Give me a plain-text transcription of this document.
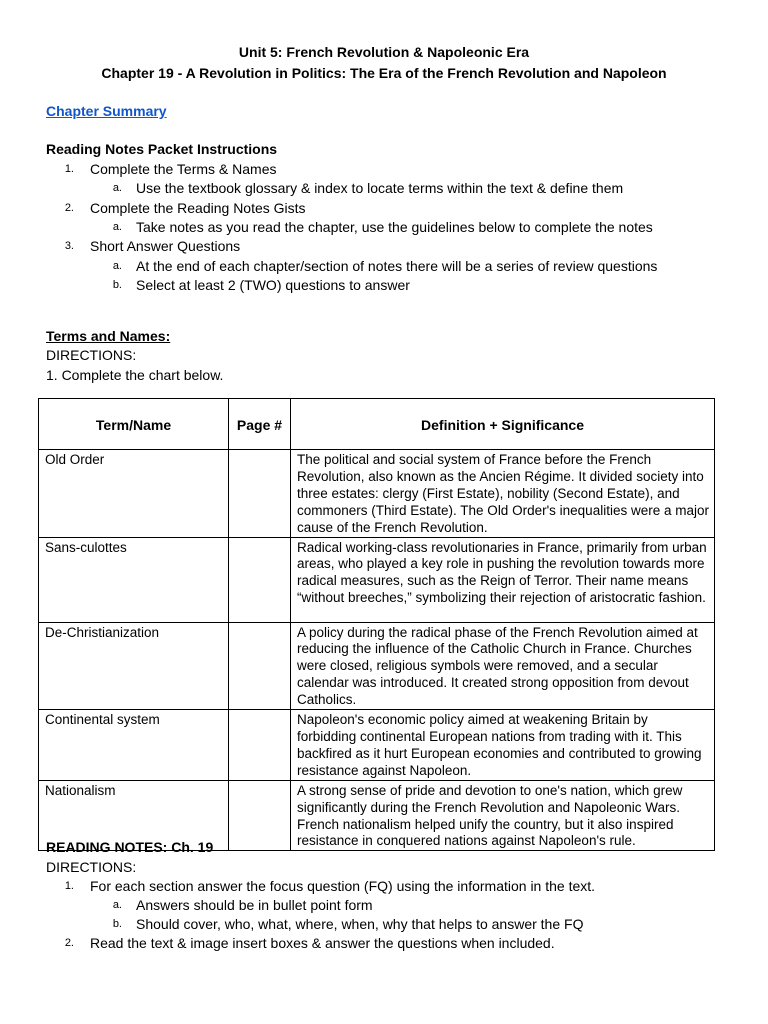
Unit 5: French Revolution & Napoleonic Era
Chapter 19 - A Revolution in Politics: The Era of the French Revolution and Napoleon
Chapter Summary
Reading Notes Packet Instructions
1. Complete the Terms & Names
a. Use the textbook glossary & index to locate terms within the text & define them
2. Complete the Reading Notes Gists
a. Take notes as you read the chapter, use the guidelines below to complete the notes
3. Short Answer Questions
a. At the end of each chapter/section of notes there will be a series of review questions
b. Select at least 2 (TWO) questions to answer
Terms and Names:
DIRECTIONS:
1. Complete the chart below.
Term/Name	Page #	Definition + Significance
Old Order		The political and social system of France before the French Revolution, also known as the Ancien Régime. It divided society into three estates: clergy (First Estate), nobility (Second Estate), and commoners (Third Estate). The Old Order's inequalities were a major cause of the French Revolution.
Sans-culottes		Radical working-class revolutionaries in France, primarily from urban areas, who played a key role in pushing the revolution towards more radical measures, such as the Reign of Terror. Their name means “without breeches,” symbolizing their rejection of aristocratic fashion.
De-Christianization		A policy during the radical phase of the French Revolution aimed at reducing the influence of the Catholic Church in France. Churches were closed, religious symbols were removed, and a secular calendar was introduced. It created strong opposition from devout Catholics.
Continental system		Napoleon's economic policy aimed at weakening Britain by forbidding continental European nations from trading with it. This backfired as it hurt European economies and contributed to growing resistance against Napoleon.
Nationalism		A strong sense of pride and devotion to one's nation, which grew significantly during the French Revolution and Napoleonic Wars. French nationalism helped unify the country, but it also inspired resistance in conquered nations against Napoleon's rule.
READING NOTES: Ch. 19
DIRECTIONS:
1. For each section answer the focus question (FQ) using the information in the text.
a. Answers should be in bullet point form
b. Should cover, who, what, where, when, why that helps to answer the FQ
2. Read the text & image insert boxes & answer the questions when included.
